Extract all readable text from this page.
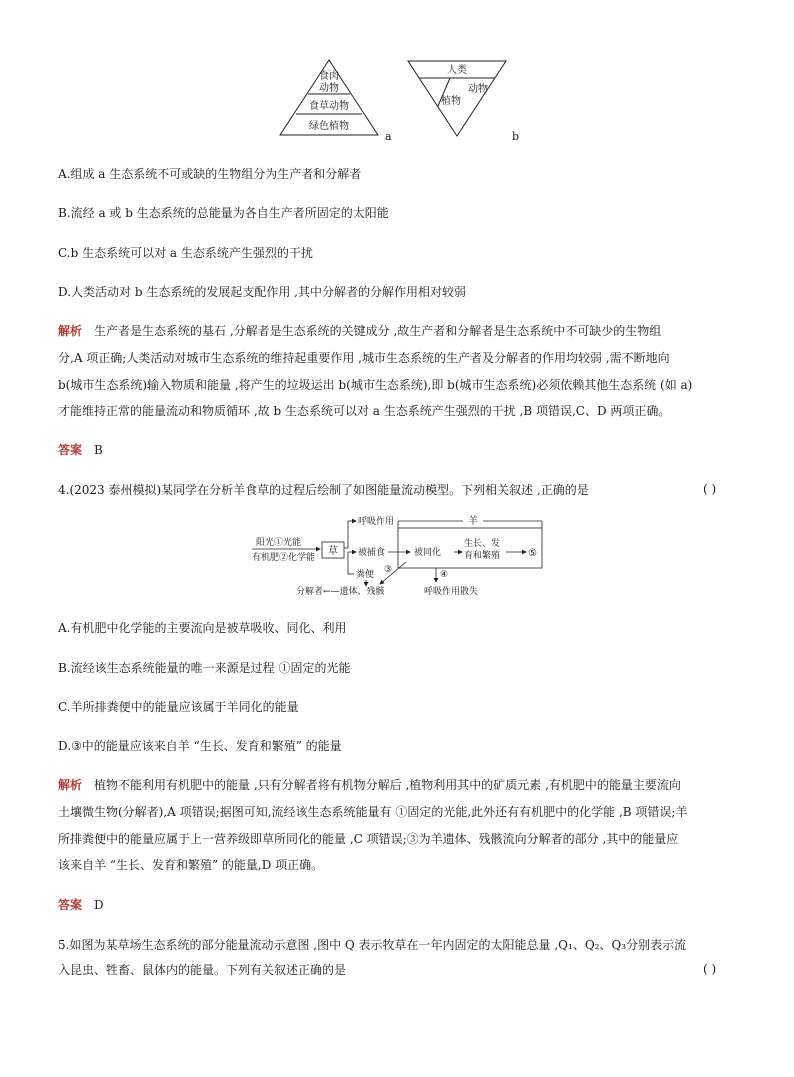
食肉
动物
食草动物
绿色植物
a
人类
动物
植物
b
A.组成 a 生态系统不可或缺的生物组分为生产者和分解者
B.流经 a 或 b 生态系统的总能量为各自生产者所固定的太阳能
C.b 生态系统可以对 a 生态系统产生强烈的干扰
D.人类活动对 b 生态系统的发展起支配作用 ,其中分解者的分解作用相对较弱
解析 生产者是生态系统的基石 ,分解者是生态系统的关键成分 ,故生产者和分解者是生态系统中不可缺少的生物组
分,A 项正确;人类活动对城市生态系统的维持起重要作用 ,城市生态系统的生产者及分解者的作用均较弱 ,需不断地向
b(城市生态系统)输入物质和能量 ,将产生的垃圾运出 b(城市生态系统),即 b(城市生态系统)必须依赖其他生态系统 (如 a)
才能维持正常的能量流动和物质循环 ,故 b 生态系统可以对 a 生态系统产生强烈的干扰 ,B 项错误,C、D 两项正确。
答案 B
4.(2023 泰州模拟)某同学在分析羊食草的过程后绘制了如图能量流动模型。下列相关叙述 ,正确的是	( )
阳光①光能
有机肥②化学能
草
呼吸作用
被捕食
粪便
分解者←—遗体、残骸
羊
被同化
生长、发
育和繁殖	⑤
③	④
呼吸作用散失
A.有机肥中化学能的主要流向是被草吸收、同化、利用
B.流经该生态系统能量的唯一来源是过程 ①固定的光能
C.羊所排粪便中的能量应该属于羊同化的能量
D.③中的能量应该来自羊 “生长、发育和繁殖” 的能量
解析 植物不能利用有机肥中的能量 ,只有分解者将有机物分解后 ,植物利用其中的矿质元素 ,有机肥中的能量主要流向
土壤微生物(分解者),A 项错误;据图可知,流经该生态系统能量有 ①固定的光能,此外还有有机肥中的化学能 ,B 项错误;羊
所排粪便中的能量应属于上一营养级即草所同化的能量 ,C 项错误;③为羊遗体、残骸流向分解者的部分 ,其中的能量应
该来自羊 “生长、发育和繁殖” 的能量,D 项正确。
答案 D
5.如图为某草场生态系统的部分能量流动示意图 ,图中 Q 表示牧草在一年内固定的太阳能总量 ,Q₁、Q₂、Q₃分别表示流
入昆虫、牲畜、鼠体内的能量。下列有关叙述正确的是	( )
